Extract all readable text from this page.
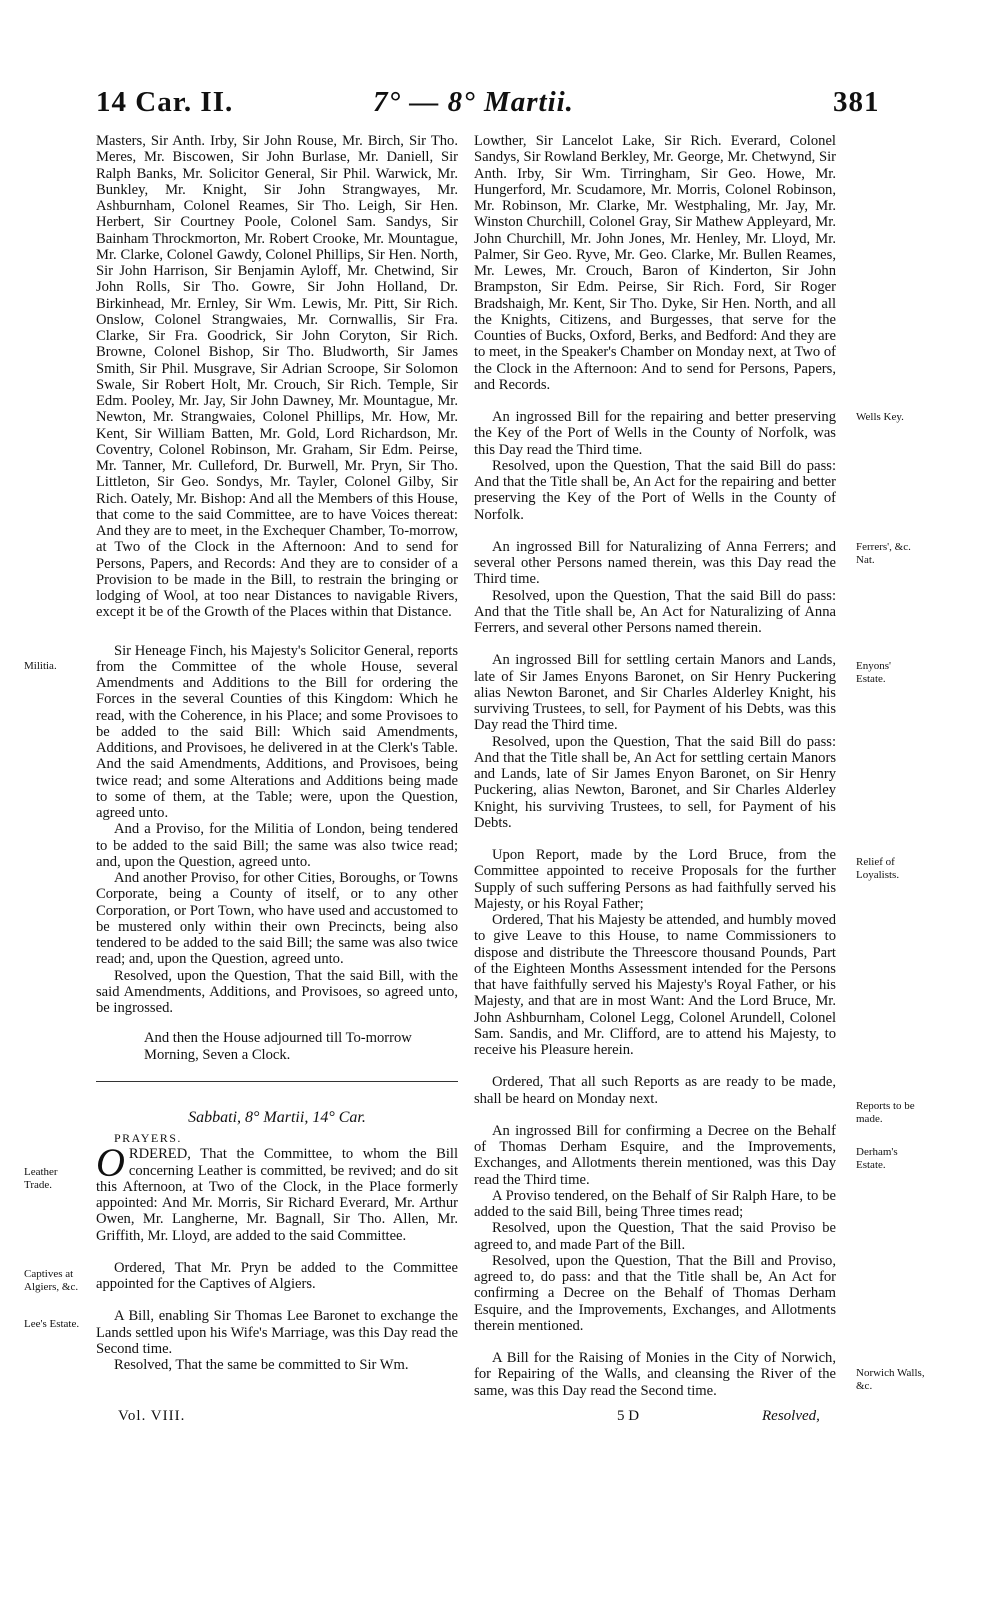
14 Car. II.	7° — 8° Martii.	381

Masters, Sir Anth. Irby, Sir John Rouse, Mr. Birch, Sir Tho. Meres, Mr. Biscowen, Sir John Burlase, Mr. Daniell, Sir Ralph Banks, Mr. Solicitor General, Sir Phil. Warwick, Mr. Bunkley, Mr. Knight, Sir John Strangwayes, Mr. Ashburnham, Colonel Reames, Sir Tho. Leigh, Sir Hen. Herbert, Sir Courtney Poole, Colonel Sam. Sandys, Sir Bainham Throckmorton, Mr. Robert Crooke, Mr. Mountague, Mr. Clarke, Colonel Gawdy, Colonel Phillips, Sir Hen. North, Sir John Harrison, Sir Benjamin Ayloff, Mr. Chetwind, Sir John Rolls, Sir Tho. Gowre, Sir John Holland, Dr. Birkinhead, Mr. Ernley, Sir Wm. Lewis, Mr. Pitt, Sir Rich. Onslow, Colonel Strangwaies, Mr. Cornwallis, Sir Fra. Clarke, Sir Fra. Goodrick, Sir John Coryton, Sir Rich. Browne, Colonel Bishop, Sir Tho. Bludworth, Sir James Smith, Sir Phil. Musgrave, Sir Adrian Scroope, Sir Solomon Swale, Sir Robert Holt, Mr. Crouch, Sir Rich. Temple, Sir Edm. Pooley, Mr. Jay, Sir John Dawney, Mr. Mountague, Mr. Newton, Mr. Strangwaies, Colonel Phillips, Mr. How, Mr. Kent, Sir William Batten, Mr. Gold, Lord Richardson, Mr. Coventry, Colonel Robinson, Mr. Graham, Sir Edm. Peirse, Mr. Tanner, Mr. Culleford, Dr. Burwell, Mr. Pryn, Sir Tho. Littleton, Sir Geo. Sondys, Mr. Tayler, Colonel Gilby, Sir Rich. Oately, Mr. Bishop: And all the Members of this House, that come to the said Committee, are to have Voices thereat: And they are to meet, in the Exchequer Chamber, To-morrow, at Two of the Clock in the Afternoon: And to send for Persons, Papers, and Records: And they are to consider of a Provision to be made in the Bill, to restrain the bringing or lodging of Wool, at too near Distances to navigable Rivers, except it be of the Growth of the Places within that Distance.

Sir Heneage Finch, his Majesty's Solicitor General, reports from the Committee of the whole House, several Amendments and Additions to the Bill for ordering the Forces in the several Counties of this Kingdom: Which he read, with the Coherence, in his Place; and some Provisoes to be added to the said Bill: Which said Amendments, Additions, and Provisoes, he delivered in at the Clerk's Table. And the said Amendments, Additions, and Provisoes, being twice read; and some Alterations and Additions being made to some of them, at the Table; were, upon the Question, agreed unto.

And a Proviso, for the Militia of London, being tendered to be added to the said Bill; the same was also twice read; and, upon the Question, agreed unto.

And another Proviso, for other Cities, Boroughs, or Towns Corporate, being a County of itself, or to any other Corporation, or Port Town, who have used and accustomed to be mustered only within their own Precincts, being also tendered to be added to the said Bill; the same was also twice read; and, upon the Question, agreed unto.

Resolved, upon the Question, That the said Bill, with the said Amendments, Additions, and Provisoes, so agreed unto, be ingrossed.

And then the House adjourned till To-morrow Morning, Seven a Clock.

Sabbati, 8° Martii, 14° Car.

PRAYERS.

ORDERED, That the Committee, to whom the Bill concerning Leather is committed, be revived; and do sit this Afternoon, at Two of the Clock, in the Place formerly appointed: And Mr. Morris, Sir Richard Everard, Mr. Arthur Owen, Mr. Langherne, Mr. Bagnall, Sir Tho. Allen, Mr. Griffith, Mr. Lloyd, are added to the said Committee.

Ordered, That Mr. Pryn be added to the Committee appointed for the Captives of Algiers.

A Bill, enabling Sir Thomas Lee Baronet to exchange the Lands settled upon his Wife's Marriage, was this Day read the Second time.

Resolved, That the same be committed to Sir Wm.

Lowther, Sir Lancelot Lake, Sir Rich. Everard, Colonel Sandys, Sir Rowland Berkley, Mr. George, Mr. Chetwynd, Sir Anth. Irby, Sir Wm. Tirringham, Sir Geo. Howe, Mr. Hungerford, Mr. Scudamore, Mr. Morris, Colonel Robinson, Mr. Robinson, Mr. Clarke, Mr. Westphaling, Mr. Jay, Mr. Winston Churchill, Colonel Gray, Sir Mathew Appleyard, Mr. John Churchill, Mr. John Jones, Mr. Henley, Mr. Lloyd, Mr. Palmer, Sir Geo. Ryve, Mr. Geo. Clarke, Mr. Bullen Reames, Mr. Lewes, Mr. Crouch, Baron of Kinderton, Sir John Brampston, Sir Edm. Peirse, Sir Rich. Ford, Sir Roger Bradshaigh, Mr. Kent, Sir Tho. Dyke, Sir Hen. North, and all the Knights, Citizens, and Burgesses, that serve for the Counties of Bucks, Oxford, Berks, and Bedford: And they are to meet, in the Speaker's Chamber on Monday next, at Two of the Clock in the Afternoon: And to send for Persons, Papers, and Records.

An ingrossed Bill for the repairing and better preserving the Key of the Port of Wells in the County of Norfolk, was this Day read the Third time.

Resolved, upon the Question, That the said Bill do pass: And that the Title shall be, An Act for the repairing and better preserving the Key of the Port of Wells in the County of Norfolk.

An ingrossed Bill for Naturalizing of Anna Ferrers; and several other Persons named therein, was this Day read the Third time.

Resolved, upon the Question, That the said Bill do pass: And that the Title shall be, An Act for Naturalizing of Anna Ferrers, and several other Persons named therein.

An ingrossed Bill for settling certain Manors and Lands, late of Sir James Enyons Baronet, on Sir Henry Puckering alias Newton Baronet, and Sir Charles Alderley Knight, his surviving Trustees, to sell, for Payment of his Debts, was this Day read the Third time.

Resolved, upon the Question, That the said Bill do pass: And that the Title shall be, An Act for settling certain Manors and Lands, late of Sir James Enyon Baronet, on Sir Henry Puckering, alias Newton, Baronet, and Sir Charles Alderley Knight, his surviving Trustees, to sell, for Payment of his Debts.

Upon Report, made by the Lord Bruce, from the Committee appointed to receive Proposals for the further Supply of such suffering Persons as had faithfully served his Majesty, or his Royal Father;

Ordered, That his Majesty be attended, and humbly moved to give Leave to this House, to name Commissioners to dispose and distribute the Threescore thousand Pounds, Part of the Eighteen Months Assessment intended for the Persons that have faithfully served his Majesty's Royal Father, or his Majesty, and that are in most Want: And the Lord Bruce, Mr. John Ashburnham, Colonel Legg, Colonel Arundell, Colonel Sam. Sandis, and Mr. Clifford, are to attend his Majesty, to receive his Pleasure herein.

Ordered, That all such Reports as are ready to be made, shall be heard on Monday next.

An ingrossed Bill for confirming a Decree on the Behalf of Thomas Derham Esquire, and the Improvements, Exchanges, and Allotments therein mentioned, was this Day read the Third time.

A Proviso tendered, on the Behalf of Sir Ralph Hare, to be added to the said Bill, being Three times read;

Resolved, upon the Question, That the said Proviso be agreed to, and made Part of the Bill.

Resolved, upon the Question, That the Bill and Proviso, agreed to, do pass: and that the Title shall be, An Act for confirming a Decree on the Behalf of Thomas Derham Esquire, and the Improvements, Exchanges, and Allotments therein mentioned.

A Bill for the Raising of Monies in the City of Norwich, for Repairing of the Walls, and cleansing the River of the same, was this Day read the Second time.

Militia.
Leather Trade.
Captives at Algiers, &c.
Lee's Estate.
Wells Key.
Ferrers', &c. Nat.
Enyons' Estate.
Relief of Loyalists.
Reports to be made.
Derham's Estate.
Norwich Walls, &c.
Vol. VIII.	5 D	Resolved,
